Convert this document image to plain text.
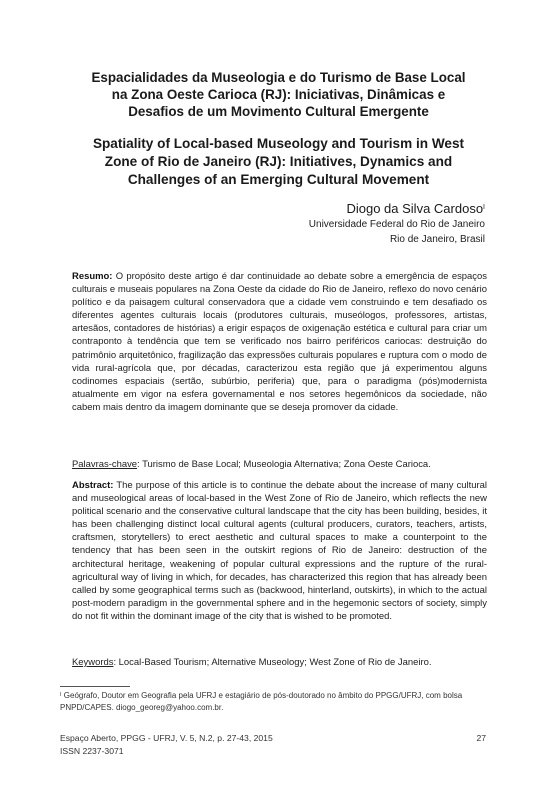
Espacialidades da Museologia e do Turismo de Base Local
na Zona Oeste Carioca (RJ): Iniciativas, Dinâmicas e
Desafios de um Movimento Cultural Emergente
Spatiality of Local-based Museology and Tourism in West
Zone of Rio de Janeiro (RJ): Initiatives, Dynamics and
Challenges of an Emerging Cultural Movement
Diogo da Silva Cardoso$^I$
Universidade Federal do Rio de Janeiro
Rio de Janeiro, Brasil
Resumo: O propósito deste artigo é dar continuidade ao debate sobre a emergência de espaços culturais e museais populares na Zona Oeste da cidade do Rio de Janeiro, reflexo do novo cenário político e da paisagem cultural conservadora que a cidade vem construindo e tem desafiado os diferentes agentes culturais locais (produtores culturais, museólogos, professores, artistas, artesãos, contadores de histórias) a erigir espaços de oxigenação estética e cultural para criar um contraponto à tendência que tem se verificado nos bairro periféricos cariocas: destruição do patrimônio arquitetônico, fragilização das expressões culturais populares e ruptura com o modo de vida rural-agrícola que, por décadas, caracterizou esta região que já experimentou alguns codinomes espaciais (sertão, subúrbio, periferia) que, para o paradigma (pós)modernista atualmente em vigor na esfera governamental e nos setores hegemônicos da sociedade, não cabem mais dentro da imagem dominante que se deseja promover da cidade.
Palavras-chave: Turismo de Base Local; Museologia Alternativa; Zona Oeste Carioca.
Abstract: The purpose of this article is to continue the debate about the increase of many cultural and museological areas of local-based in the West Zone of Rio de Janeiro, which reflects the new political scenario and the conservative cultural landscape that the city has been building, besides, it has been challenging distinct local cultural agents (cultural producers, curators, teachers, artists, craftsmen, storytellers) to erect aesthetic and cultural spaces to make a counterpoint to the tendency that has been seen in the outskirt regions of Rio de Janeiro: destruction of the architectural heritage, weakening of popular cultural expressions and the rupture of the rural-agricultural way of living in which, for decades, has characterized this region that has already been called by some geographical terms such as (backwood, hinterland, outskirts), in which to the actual post-modern paradigm in the governmental sphere and in the hegemonic sectors of society, simply do not fit within the dominant image of the city that is wished to be promoted.
Keywords: Local-Based Tourism; Alternative Museology; West Zone of Rio de Janeiro.
$^I$ Geógrafo, Doutor em Geografia pela UFRJ e estagiário de pós-doutorado no âmbito do PPGG/UFRJ, com bolsa PNPD/CAPES. diogo_georeg@yahoo.com.br.
Espaço Aberto, PPGG - UFRJ, V. 5, N.2, p. 27-43, 2015
ISSN 2237-3071
27
